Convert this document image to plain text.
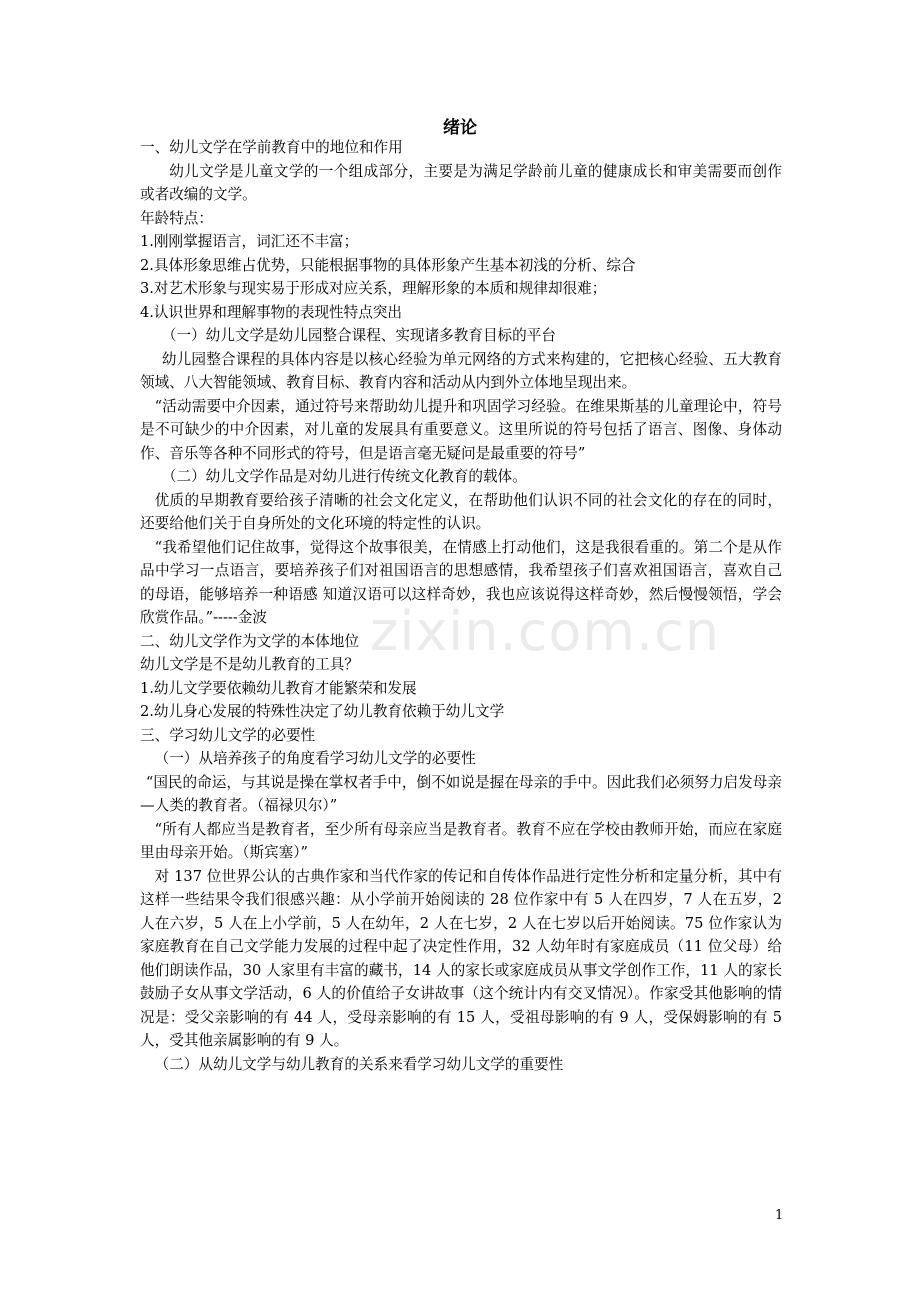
绪论

一、幼儿文学在学前教育中的地位和作用

幼儿文学是儿童文学的一个组成部分，主要是为满足学龄前儿童的健康成长和审美需要而创作或者改编的文学。

年龄特点：

1.刚刚掌握语言，词汇还不丰富；

2.具体形象思维占优势，只能根据事物的具体形象产生基本初浅的分析、综合

3.对艺术形象与现实易于形成对应关系，理解形象的本质和规律却很难；

4.认识世界和理解事物的表现性特点突出

（一）幼儿文学是幼儿园整合课程、实现诸多教育目标的平台

幼儿园整合课程的具体内容是以核心经验为单元网络的方式来构建的，它把核心经验、五大教育领域、八大智能领域、教育目标、教育内容和活动从内到外立体地呈现出来。

“活动需要中介因素，通过符号来帮助幼儿提升和巩固学习经验。在维果斯基的儿童理论中，符号是不可缺少的中介因素，对儿童的发展具有重要意义。这里所说的符号包括了语言、图像、身体动作、音乐等各种不同形式的符号，但是语言毫无疑问是最重要的符号”

（二）幼儿文学作品是对幼儿进行传统文化教育的载体。

优质的早期教育要给孩子清晰的社会文化定义，在帮助他们认识不同的社会文化的存在的同时，还要给他们关于自身所处的文化环境的特定性的认识。

“我希望他们记住故事，觉得这个故事很美，在情感上打动他们，这是我很看重的。第二个是从作品中学习一点语言，要培养孩子们对祖国语言的思想感情，我希望孩子们喜欢祖国语言，喜欢自己的母语，能够培养一种语感 知道汉语可以这样奇妙，我也应该说得这样奇妙，然后慢慢领悟，学会欣赏作品。”-----金波

二、幼儿文学作为文学的本体地位

幼儿文学是不是幼儿教育的工具？

1.幼儿文学要依赖幼儿教育才能繁荣和发展

2.幼儿身心发展的特殊性决定了幼儿教育依赖于幼儿文学

三、学习幼儿文学的必要性

（一）从培养孩子的角度看学习幼儿文学的必要性

“国民的命运，与其说是操在掌权者手中，倒不如说是握在母亲的手中。因此我们必须努力启发母亲—人类的教育者。（福禄贝尔）”

“所有人都应当是教育者，至少所有母亲应当是教育者。教育不应在学校由教师开始，而应在家庭里由母亲开始。（斯宾塞）”

对 137 位世界公认的古典作家和当代作家的传记和自传体作品进行定性分析和定量分析，其中有这样一些结果令我们很感兴趣：从小学前开始阅读的 28 位作家中有 5 人在四岁，7 人在五岁，2 人在六岁，5 人在上小学前，5 人在幼年，2 人在七岁，2 人在七岁以后开始阅读。75 位作家认为家庭教育在自己文学能力发展的过程中起了决定性作用，32 人幼年时有家庭成员（11 位父母）给他们朗读作品，30 人家里有丰富的藏书，14 人的家长或家庭成员从事文学创作工作，11 人的家长鼓励子女从事文学活动，6 人的价值给子女讲故事（这个统计内有交叉情况）。作家受其他影响的情况是：受父亲影响的有 44 人，受母亲影响的有 15 人，受祖母影响的有 9 人，受保姆影响的有 5 人，受其他亲属影响的有 9 人。

（二）从幼儿文学与幼儿教育的关系来看学习幼儿文学的重要性

zixin.com.cn
1
